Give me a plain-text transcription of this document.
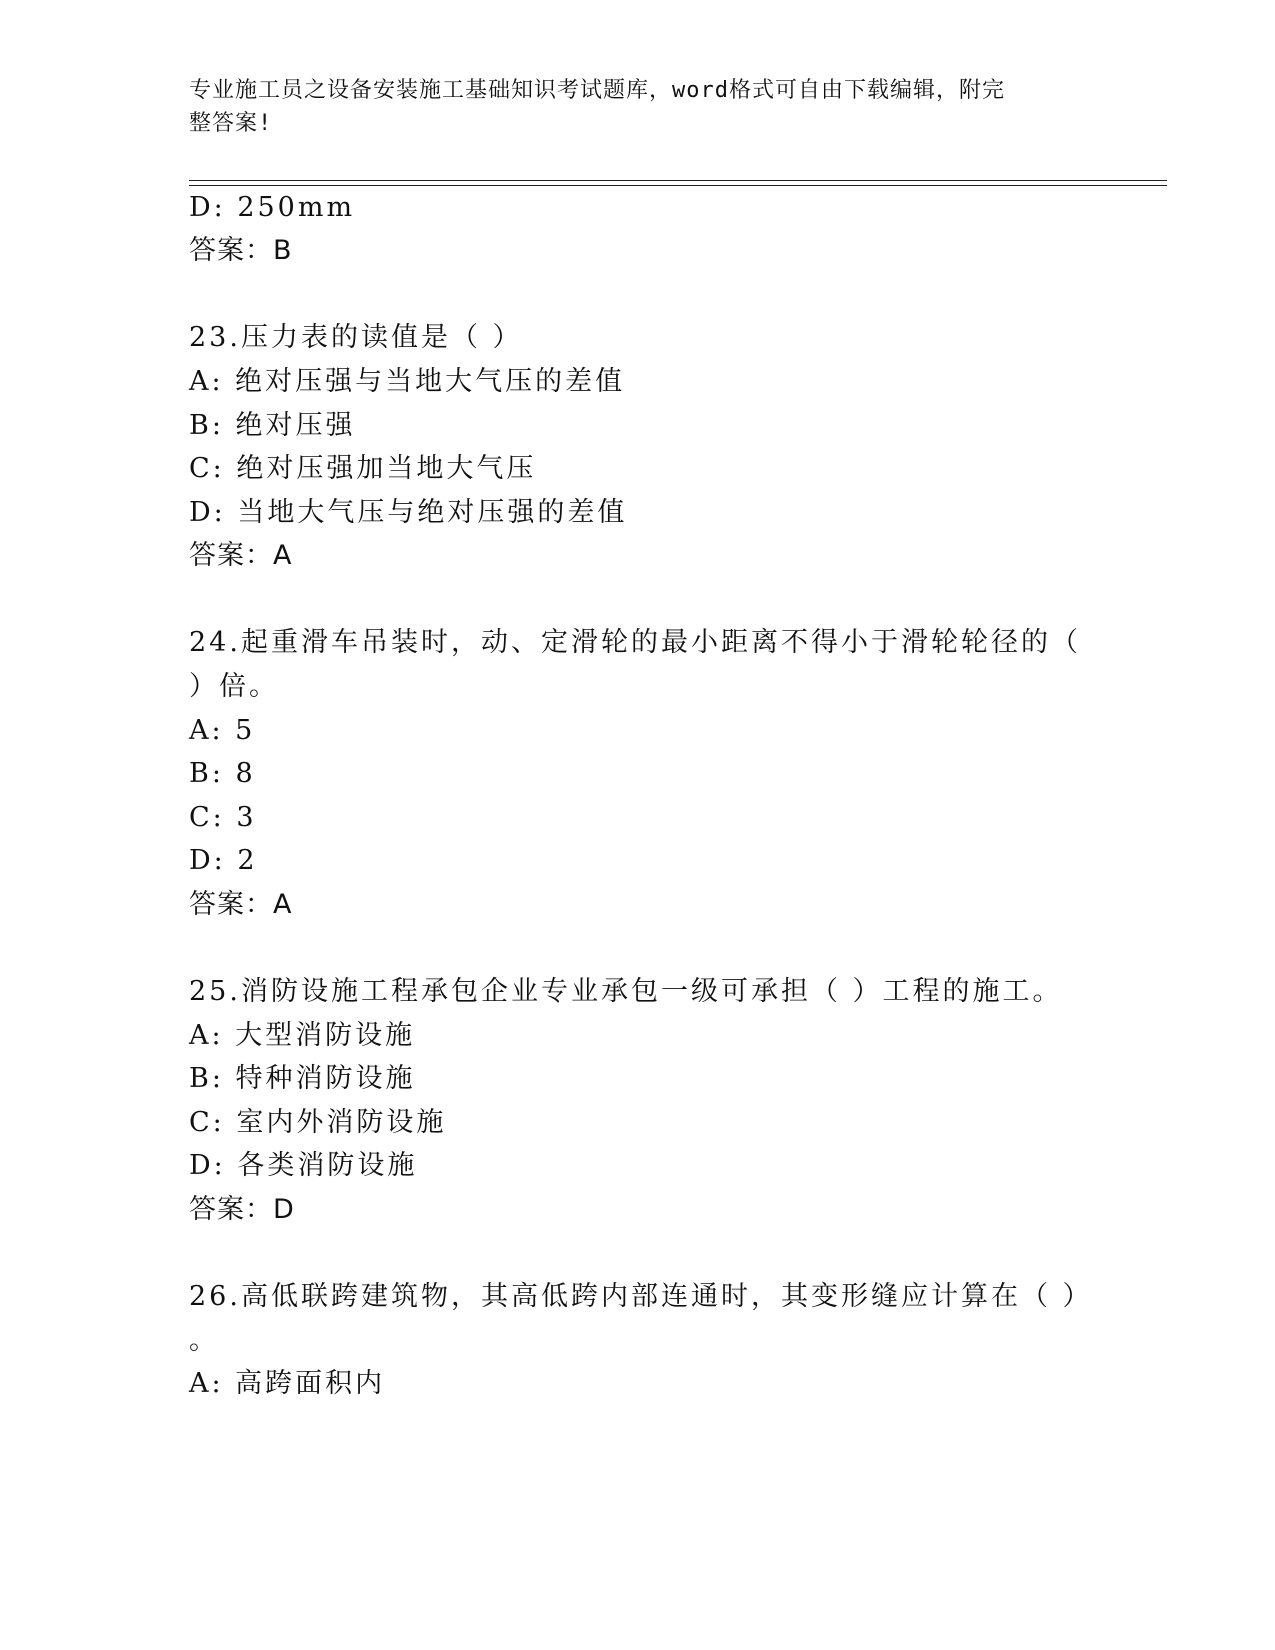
专业施工员之设备安装施工基础知识考试题库，word格式可自由下载编辑，附完
整答案!
D: 250mm
答案：B
23.压力表的读值是（ ）
A: 绝对压强与当地大气压的差值
B: 绝对压强
C: 绝对压强加当地大气压
D: 当地大气压与绝对压强的差值
答案：A
24.起重滑车吊装时，动、定滑轮的最小距离不得小于滑轮轮径的（
）倍。
A: 5
B: 8
C: 3
D: 2
答案：A
25.消防设施工程承包企业专业承包一级可承担（ ）工程的施工。
A: 大型消防设施
B: 特种消防设施
C: 室内外消防设施
D: 各类消防设施
答案：D
26.高低联跨建筑物，其高低跨内部连通时，其变形缝应计算在（ ）
。
A: 高跨面积内
